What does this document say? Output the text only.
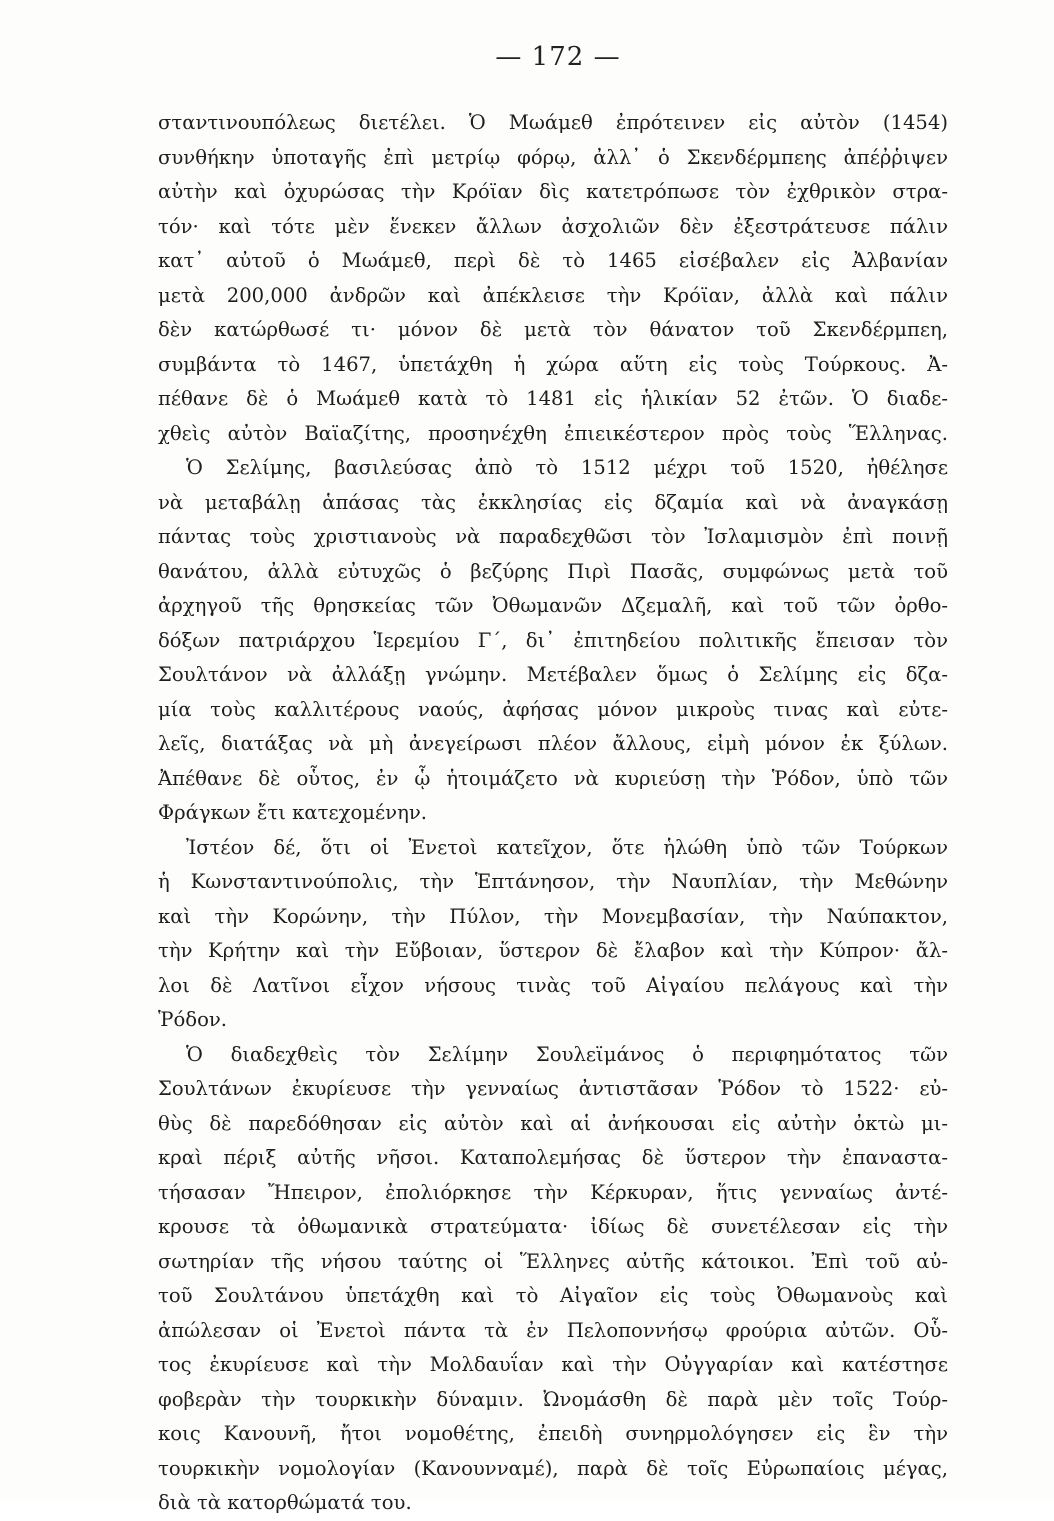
— 172 —
σταντινουπόλεως διετέλει. Ὁ Μωάμεθ ἐπρότεινεν εἰς αὐτὸν (1454)
συνθήκην ὑποταγῆς ἐπὶ μετρίῳ φόρῳ, ἀλλ᾽ ὁ Σκενδέρμπεης ἀπέῤῥιψεν
αὐτὴν καὶ ὀχυρώσας τὴν Κρόϊαν δὶς κατετρόπωσε τὸν ἐχθρικὸν στρα-
τόν· καὶ τότε μὲν ἕνεκεν ἄλλων ἀσχολιῶν δὲν ἐξεστράτευσε πάλιν
κατ᾽ αὐτοῦ ὁ Μωάμεθ, περὶ δὲ τὸ 1465 εἰσέβαλεν εἰς Ἀλβανίαν
μετὰ 200,000 ἀνδρῶν καὶ ἀπέκλεισε τὴν Κρόϊαν, ἀλλὰ καὶ πάλιν
δὲν κατώρθωσέ τι· μόνον δὲ μετὰ τὸν θάνατον τοῦ Σκενδέρμπεη,
συμβάντα τὸ 1467, ὑπετάχθη ἡ χώρα αὕτη εἰς τοὺς Τούρκους. Ἀ-
πέθανε δὲ ὁ Μωάμεθ κατὰ τὸ 1481 εἰς ἡλικίαν 52 ἐτῶν. Ὁ διαδε-
χθεὶς αὐτὸν Βαϊαζίτης, προσηνέχθη ἐπιεικέστερον πρὸς τοὺς Ἕλληνας.
Ὁ Σελίμης, βασιλεύσας ἀπὸ τὸ 1512 μέχρι τοῦ 1520, ἠθέλησε
νὰ μεταβάλῃ ἁπάσας τὰς ἐκκλησίας εἰς δζαμία καὶ νὰ ἀναγκάσῃ
πάντας τοὺς χριστιανοὺς νὰ παραδεχθῶσι τὸν Ἰσλαμισμὸν ἐπὶ ποινῇ
θανάτου, ἀλλὰ εὐτυχῶς ὁ βεζύρης Πιρὶ Πασᾶς, συμφώνως μετὰ τοῦ
ἀρχηγοῦ τῆς θρησκείας τῶν Ὀθωμανῶν Δζεμαλῆ, καὶ τοῦ τῶν ὀρθο-
δόξων πατριάρχου Ἱερεμίου Γ΄, δι᾽ ἐπιτηδείου πολιτικῆς ἔπεισαν τὸν
Σουλτάνον νὰ ἀλλάξῃ γνώμην. Μετέβαλεν ὅμως ὁ Σελίμης εἰς δζα-
μία τοὺς καλλιτέρους ναούς, ἀφήσας μόνον μικροὺς τινας καὶ εὐτε-
λεῖς, διατάξας νὰ μὴ ἀνεγείρωσι πλέον ἄλλους, εἰμὴ μόνον ἐκ ξύλων.
Ἀπέθανε δὲ οὗτος, ἐν ᾧ ἡτοιμάζετο νὰ κυριεύσῃ τὴν Ῥόδον, ὑπὸ τῶν
Φράγκων ἔτι κατεχομένην.
Ἰστέον δέ, ὅτι οἱ Ἐνετοὶ κατεῖχον, ὅτε ἡλώθη ὑπὸ τῶν Τούρκων
ἡ Κωνσταντινούπολις, τὴν Ἑπτάνησον, τὴν Ναυπλίαν, τὴν Μεθώνην
καὶ τὴν Κορώνην, τὴν Πύλον, τὴν Μονεμβασίαν, τὴν Ναύπακτον,
τὴν Κρήτην καὶ τὴν Εὔβοιαν, ὕστερον δὲ ἔλαβον καὶ τὴν Κύπρον· ἄλ-
λοι δὲ Λατῖνοι εἶχον νήσους τινὰς τοῦ Αἰγαίου πελάγους καὶ τὴν
Ῥόδον.
Ὁ διαδεχθεὶς τὸν Σελίμην Σουλεϊμάνος ὁ περιφημότατος τῶν
Σουλτάνων ἐκυρίευσε τὴν γενναίως ἀντιστᾶσαν Ῥόδον τὸ 1522· εὐ-
θὺς δὲ παρεδόθησαν εἰς αὐτὸν καὶ αἱ ἀνήκουσαι εἰς αὐτὴν ὀκτὼ μι-
κραὶ πέριξ αὐτῆς νῆσοι. Καταπολεμήσας δὲ ὕστερον τὴν ἐπαναστα-
τήσασαν Ἤπειρον, ἐπολιόρκησε τὴν Κέρκυραν, ἥτις γενναίως ἀντέ-
κρουσε τὰ ὀθωμανικὰ στρατεύματα· ἰδίως δὲ συνετέλεσαν εἰς τὴν
σωτηρίαν τῆς νήσου ταύτης οἱ Ἕλληνες αὐτῆς κάτοικοι. Ἐπὶ τοῦ αὐ-
τοῦ Σουλτάνου ὑπετάχθη καὶ τὸ Αἰγαῖον εἰς τοὺς Ὀθωμανοὺς καὶ
ἀπώλεσαν οἱ Ἐνετοὶ πάντα τὰ ἐν Πελοποννήσῳ φρούρια αὐτῶν. Οὗ-
τος ἐκυρίευσε καὶ τὴν Μολδαυΐαν καὶ τὴν Οὐγγαρίαν καὶ κατέστησε
φοβερὰν τὴν τουρκικὴν δύναμιν. Ὠνομάσθη δὲ παρὰ μὲν τοῖς Τούρ-
κοις Κανουνῆ, ἤτοι νομοθέτης, ἐπειδὴ συνηρμολόγησεν εἰς ἓν τὴν
τουρκικὴν νομολογίαν (Κανουνναμέ), παρὰ δὲ τοῖς Εὐρωπαίοις μέγας,
διὰ τὰ κατορθώματά του.
